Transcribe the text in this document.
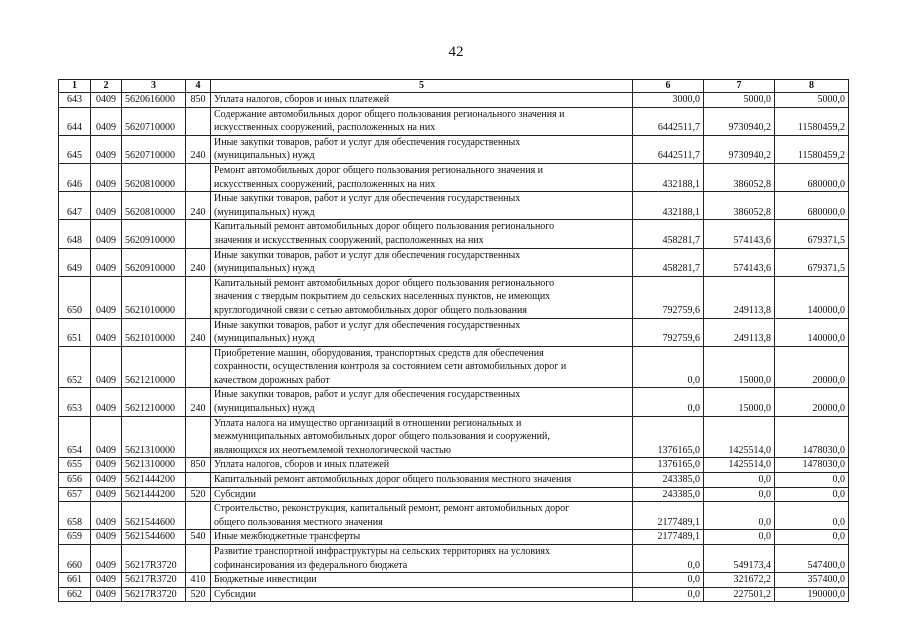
42
1	2	3	4	5	6	7	8
643	0409	5620616000	850	Уплата налогов, сборов и иных платежей	3000,0	5000,0	5000,0
644	0409	5620710000		Содержание автомобильных дорог общего пользования регионального значения и
искусственных сооружений, расположенных на них	6442511,7	9730940,2	11580459,2
645	0409	5620710000	240	Иные закупки товаров, работ и услуг для обеспечения государственных
(муниципальных) нужд	6442511,7	9730940,2	11580459,2
646	0409	5620810000		Ремонт автомобильных дорог общего пользования регионального значения и
искусственных сооружений, расположенных на них	432188,1	386052,8	680000,0
647	0409	5620810000	240	Иные закупки товаров, работ и услуг для обеспечения государственных
(муниципальных) нужд	432188,1	386052,8	680000,0
648	0409	5620910000		Капитальный ремонт автомобильных дорог общего пользования регионального
значения и искусственных сооружений, расположенных на них	458281,7	574143,6	679371,5
649	0409	5620910000	240	Иные закупки товаров, работ и услуг для обеспечения государственных
(муниципальных) нужд	458281,7	574143,6	679371,5
650	0409	5621010000		Капитальный ремонт автомобильных дорог общего пользования регионального
значения с твердым покрытием до сельских населенных пунктов, не имеющих
круглогодичной связи с сетью автомобильных дорог общего пользования	792759,6	249113,8	140000,0
651	0409	5621010000	240	Иные закупки товаров, работ и услуг для обеспечения государственных
(муниципальных) нужд	792759,6	249113,8	140000,0
652	0409	5621210000		Приобретение машин, оборудования, транспортных средств для обеспечения
сохранности, осуществления контроля за состоянием сети автомобильных дорог и
качеством дорожных работ	0,0	15000,0	20000,0
653	0409	5621210000	240	Иные закупки товаров, работ и услуг для обеспечения государственных
(муниципальных) нужд	0,0	15000,0	20000,0
654	0409	5621310000		Уплата налога на имущество организаций в отношении региональных и
межмуниципальных автомобильных дорог общего пользования и сооружений,
являющихся их неотъемлемой технологической частью	1376165,0	1425514,0	1478030,0
655	0409	5621310000	850	Уплата налогов, сборов и иных платежей	1376165,0	1425514,0	1478030,0
656	0409	5621444200		Капитальный ремонт автомобильных дорог общего пользования местного значения	243385,0	0,0	0,0
657	0409	5621444200	520	Субсидии	243385,0	0,0	0,0
658	0409	5621544600		Строительство, реконструкция, капитальный ремонт, ремонт автомобильных дорог
общего пользования местного значения	2177489,1	0,0	0,0
659	0409	5621544600	540	Иные межбюджетные трансферты	2177489,1	0,0	0,0
660	0409	56217R3720		Развитие транспортной инфраструктуры на сельских территориях на условиях
софинансирования из федерального бюджета	0,0	549173,4	547400,0
661	0409	56217R3720	410	Бюджетные инвестиции	0,0	321672,2	357400,0
662	0409	56217R3720	520	Субсидии	0,0	227501,2	190000,0
